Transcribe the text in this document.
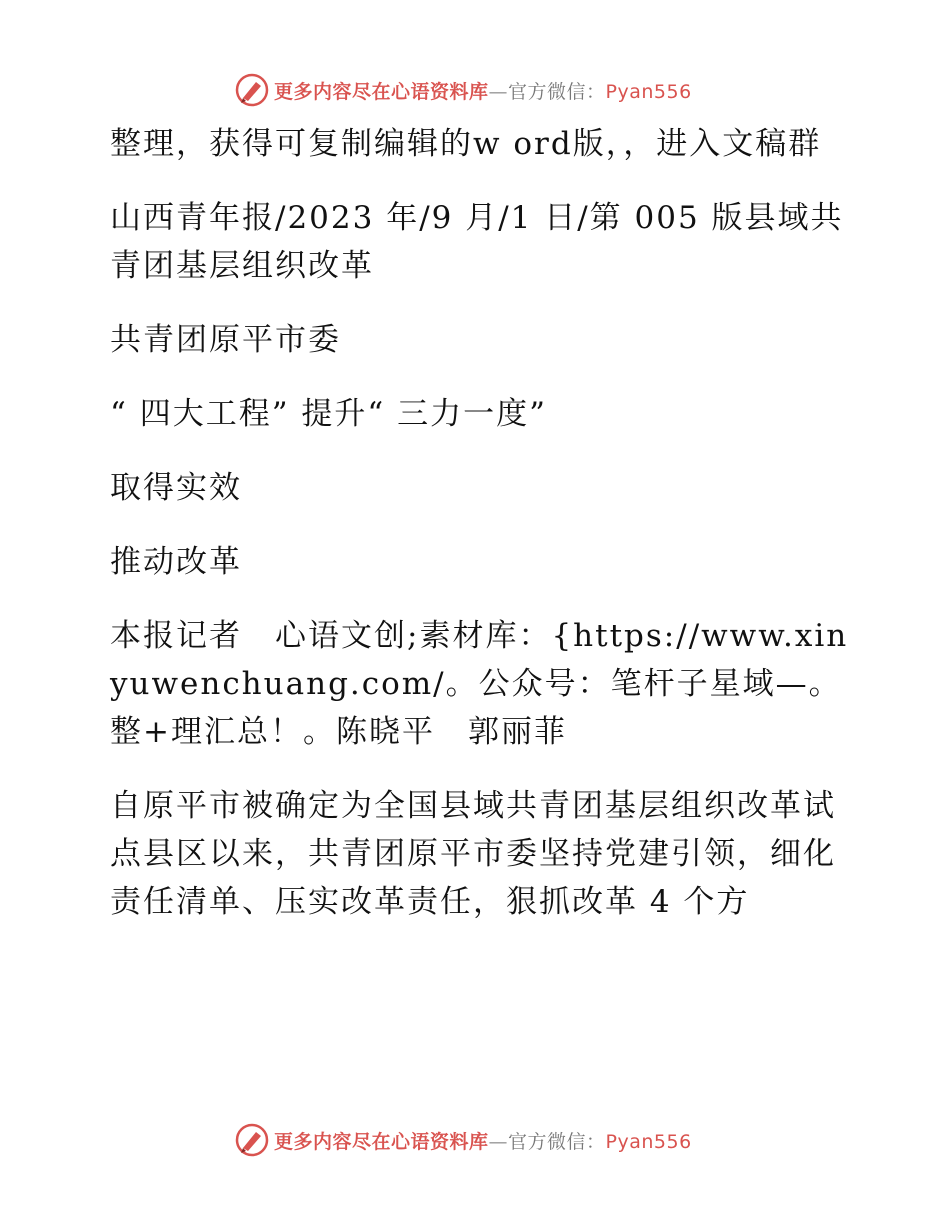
更多内容尽在心语资料库—官方微信：Pyan556

整理，获得可复制编辑的w ord版，，进入文稿群

山西青年报/2023 年/9 月/1 日/第 005 版县域共青团基层组织改革

共青团原平市委

“ 四大工程” 提升“ 三力一度”

取得实效

推动改革

本报记者　心语文创;素材库：{https://www.xinyuwenchuang.com/。公众号：笔杆子星域—。整+理汇总！。陈晓平　郭丽菲

自原平市被确定为全国县域共青团基层组织改革试点县区以来，共青团原平市委坚持党建引领，细化责任清单、压实改革责任，狠抓改革 4 个方

更多内容尽在心语资料库—官方微信：Pyan556
